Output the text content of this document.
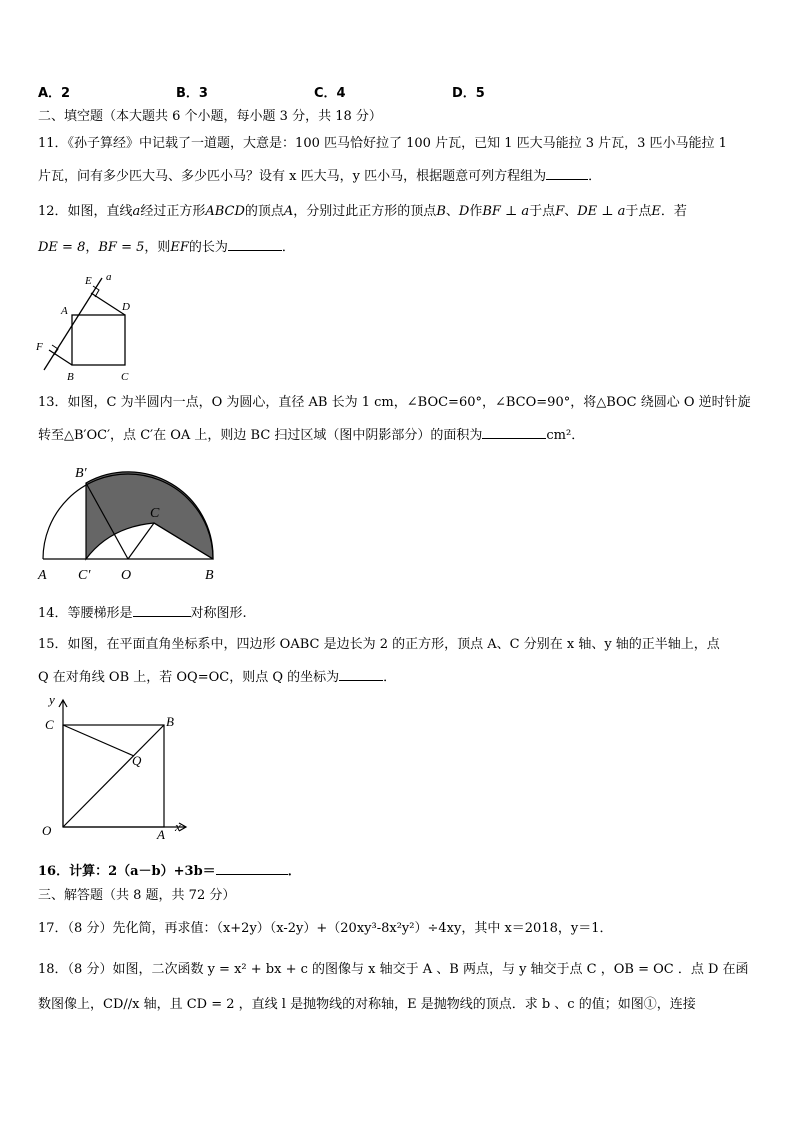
A．2	B．3	C．4	D．5
二、填空题（本大题共 6 个小题，每小题 3 分，共 18 分）
11．《孙子算经》中记载了一道题，大意是：100 匹马恰好拉了 100 片瓦，已知 1 匹大马能拉 3 片瓦，3 匹小马能拉 1
片瓦，问有多少匹大马、多少匹小马？设有 x 匹大马，y 匹小马，根据题意可列方程组为	．
12．如图，直线a经过正方形ABCD的顶点A，分别过此正方形的顶点B、D作BF ⊥ a于点F、DE ⊥ a于点E．若
DE = 8，BF = 5，则EF的长为	．
E a
A	D
F
B	C
13．如图，C 为半圆内一点，O 为圆心，直径 AB 长为 1 cm，∠BOC=60°，∠BCO=90°，将△BOC 绕圆心 O 逆时针旋
转至△B′OC′，点 C′在 OA 上，则边 BC 扫过区域（图中阴影部分）的面积为	cm²．
B′
C
A C′ O	B
14．等腰梯形是	对称图形.
15．如图，在平面直角坐标系中，四边形 OABC 是边长为 2 的正方形，顶点 A、C 分别在 x 轴、y 轴的正半轴上，点
Q 在对角线 OB 上，若 OQ=OC，则点 Q 的坐标为	．
y
C	B
Q
O	A
x
16．计算：2（a－b）+3b＝	．
三、解答题（共 8 题，共 72 分）
17．（8 分）先化简，再求值：（x+2y）（x-2y）+（20xy³-8x²y²）÷4xy，其中 x＝2018，y＝1．
18．（8 分）如图，二次函数 y = x² + bx + c 的图像与 x 轴交于 A 、B 两点，与 y 轴交于点 C ，OB = OC ．点 D 在函
数图像上，CD//x 轴，且 CD = 2 ，直线 l 是抛物线的对称轴，E 是抛物线的顶点．求 b 、c 的值；如图①，连接
